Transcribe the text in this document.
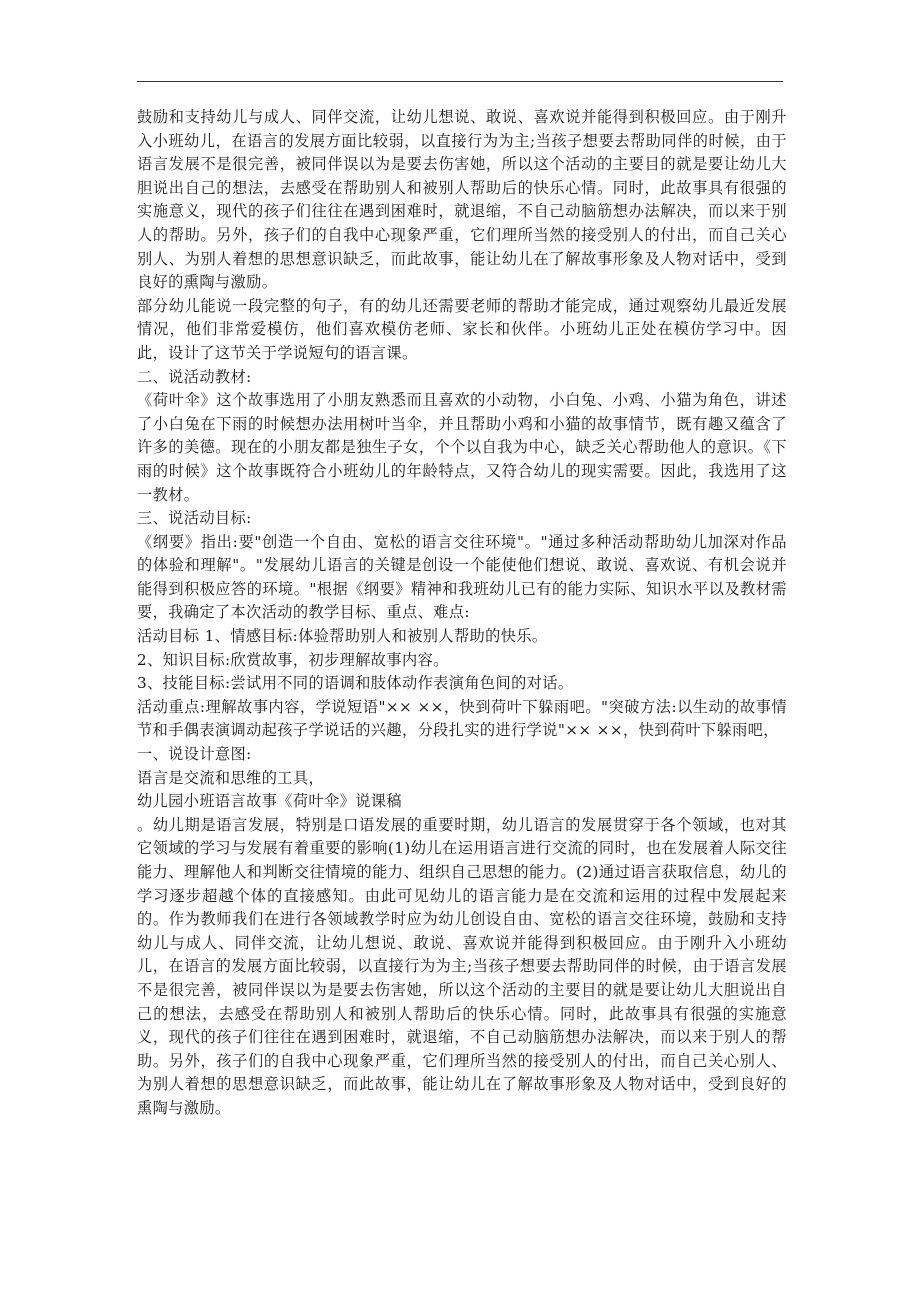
鼓励和支持幼儿与成人、同伴交流，让幼儿想说、敢说、喜欢说并能得到积极回应。由于刚升入小班幼儿，在语言的发展方面比较弱，以直接行为为主;当孩子想要去帮助同伴的时候，由于语言发展不是很完善，被同伴误以为是要去伤害她，所以这个活动的主要目的就是要让幼儿大胆说出自己的想法，去感受在帮助别人和被别人帮助后的快乐心情。同时，此故事具有很强的实施意义，现代的孩子们往往在遇到困难时，就退缩，不自己动脑筋想办法解决，而以来于别人的帮助。另外，孩子们的自我中心现象严重，它们理所当然的接受别人的付出，而自己关心别人、为别人着想的思想意识缺乏，而此故事，能让幼儿在了解故事形象及人物对话中，受到良好的熏陶与激励。

部分幼儿能说一段完整的句子，有的幼儿还需要老师的帮助才能完成，通过观察幼儿最近发展情况，他们非常爱模仿，他们喜欢模仿老师、家长和伙伴。小班幼儿正处在模仿学习中。因此，设计了这节关于学说短句的语言课。

二、说活动教材:

《荷叶伞》这个故事选用了小朋友熟悉而且喜欢的小动物，小白兔、小鸡、小猫为角色，讲述了小白兔在下雨的时候想办法用树叶当伞，并且帮助小鸡和小猫的故事情节，既有趣又蕴含了许多的美德。现在的小朋友都是独生子女，个个以自我为中心，缺乏关心帮助他人的意识。《下雨的时候》这个故事既符合小班幼儿的年龄特点，又符合幼儿的现实需要。因此，我选用了这一教材。

三、说活动目标:

《纲要》指出:要"创造一个自由、宽松的语言交往环境"。"通过多种活动帮助幼儿加深对作品的体验和理解"。"发展幼儿语言的关键是创设一个能使他们想说、敢说、喜欢说、有机会说并能得到积极应答的环境。"根据《纲要》精神和我班幼儿已有的能力实际、知识水平以及教材需要，我确定了本次活动的教学目标、重点、难点:

活动目标 1、情感目标:体验帮助别人和被别人帮助的快乐。

2、知识目标:欣赏故事，初步理解故事内容。

3、技能目标:尝试用不同的语调和肢体动作表演角色间的对话。

活动重点:理解故事内容，学说短语"×× ××，快到荷叶下躲雨吧。"突破方法:以生动的故事情节和手偶表演调动起孩子学说话的兴趣，分段扎实的进行学说"×× ××，快到荷叶下躲雨吧，

一、说设计意图:

语言是交流和思维的工具，

幼儿园小班语言故事《荷叶伞》说课稿

。幼儿期是语言发展，特别是口语发展的重要时期，幼儿语言的发展贯穿于各个领域，也对其它领域的学习与发展有着重要的影响(1)幼儿在运用语言进行交流的同时，也在发展着人际交往能力、理解他人和判断交往情境的能力、组织自己思想的能力。(2)通过语言获取信息，幼儿的学习逐步超越个体的直接感知。由此可见幼儿的语言能力是在交流和运用的过程中发展起来的。作为教师我们在进行各领域教学时应为幼儿创设自由、宽松的语言交往环境，鼓励和支持幼儿与成人、同伴交流，让幼儿想说、敢说、喜欢说并能得到积极回应。由于刚升入小班幼儿，在语言的发展方面比较弱，以直接行为为主;当孩子想要去帮助同伴的时候，由于语言发展不是很完善，被同伴误以为是要去伤害她，所以这个活动的主要目的就是要让幼儿大胆说出自己的想法，去感受在帮助别人和被别人帮助后的快乐心情。同时，此故事具有很强的实施意义，现代的孩子们往往在遇到困难时，就退缩，不自己动脑筋想办法解决，而以来于别人的帮助。另外，孩子们的自我中心现象严重，它们理所当然的接受别人的付出，而自己关心别人、为别人着想的思想意识缺乏，而此故事，能让幼儿在了解故事形象及人物对话中，受到良好的熏陶与激励。
